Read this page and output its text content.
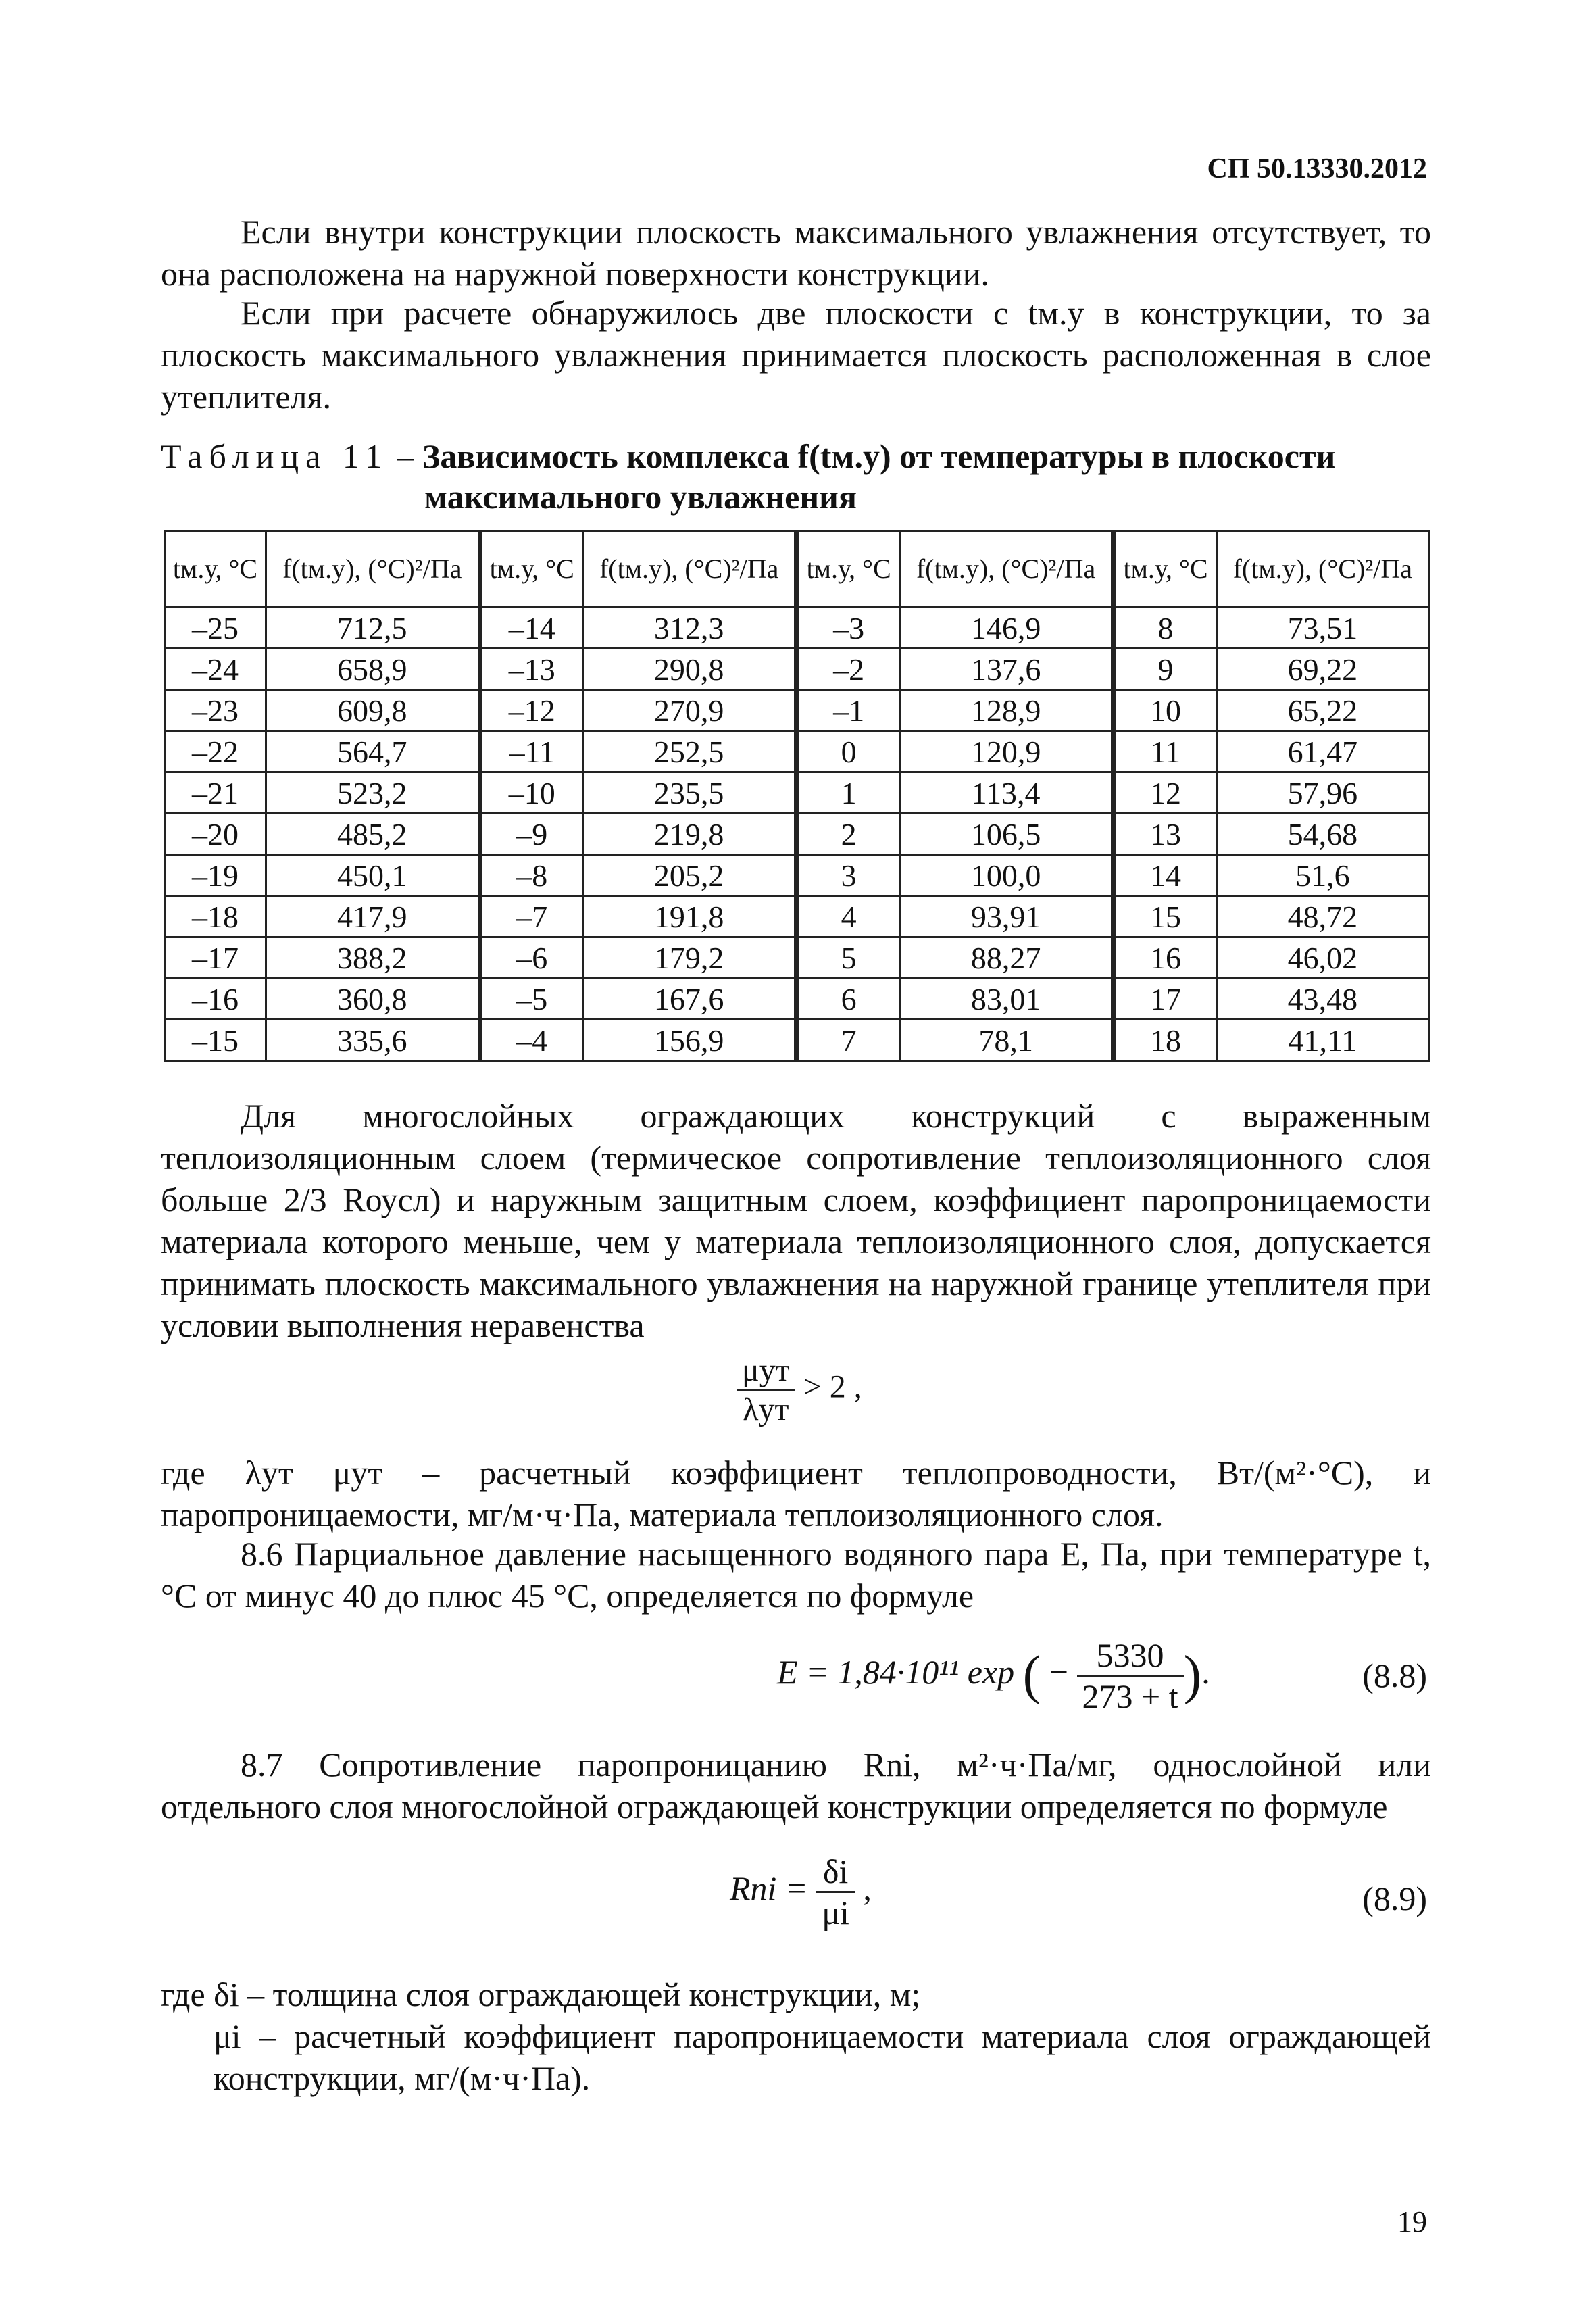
СП 50.13330.2012
Если внутри конструкции плоскость максимального увлажнения отсутствует, то она расположена на наружной поверхности конструкции.
Если при расчете обнаружилось две плоскости с tм.у в конструкции, то за плоскость максимального увлажнения принимается плоскость расположенная в слое утеплителя.
Таблица 11 – Зависимость комплекса f(tм.у) от температуры в плоскости
максимального увлажнения
tм.у, °C	f(tм.у), (°C)²/Па	tм.у, °C	f(tм.у), (°C)²/Па	tм.у, °C	f(tм.у), (°C)²/Па	tм.у, °C	f(tм.у), (°C)²/Па
–25	712,5	–14	312,3	–3	146,9	8	73,51
–24	658,9	–13	290,8	–2	137,6	9	69,22
–23	609,8	–12	270,9	–1	128,9	10	65,22
–22	564,7	–11	252,5	0	120,9	11	61,47
–21	523,2	–10	235,5	1	113,4	12	57,96
–20	485,2	–9	219,8	2	106,5	13	54,68
–19	450,1	–8	205,2	3	100,0	14	51,6
–18	417,9	–7	191,8	4	93,91	15	48,72
–17	388,2	–6	179,2	5	88,27	16	46,02
–16	360,8	–5	167,6	6	83,01	17	43,48
–15	335,6	–4	156,9	7	78,1	18	41,11
Для многослойных ограждающих конструкций с выраженным теплоизоляционным слоем (термическое сопротивление теплоизоляционного слоя больше 2/3 Rоусл) и наружным защитным слоем, коэффициент паропроницаемости материала которого меньше, чем у материала теплоизоляционного слоя, допускается принимать плоскость максимального увлажнения на наружной границе утеплителя при условии выполнения неравенства
$\frac{\text{μут}}{\text{λут}} > 2$ ,
где λут μут – расчетный коэффициент теплопроводности, Вт/(м²·°С), и паропроницаемости, мг/м·ч·Па, материала теплоизоляционного слоя.
8.6 Парциальное давление насыщенного водяного пара E, Па, при температуре t, °С от минус 40 до плюс 45 °С, определяется по формуле
E = 1,84·10¹¹ exp ( − $\frac{5330}{273 + t}$ ).	(8.8)
8.7 Сопротивление паропроницанию Rni, м²·ч·Па/мг, однослойной или отдельного слоя многослойной ограждающей конструкции определяется по формуле
Rni = $\frac{\delta i}{\mu i}$ ,	(8.9)
где δi – толщина слоя ограждающей конструкции, м;
μi – расчетный коэффициент паропроницаемости материала слоя ограждающей конструкции, мг/(м·ч·Па).
19
